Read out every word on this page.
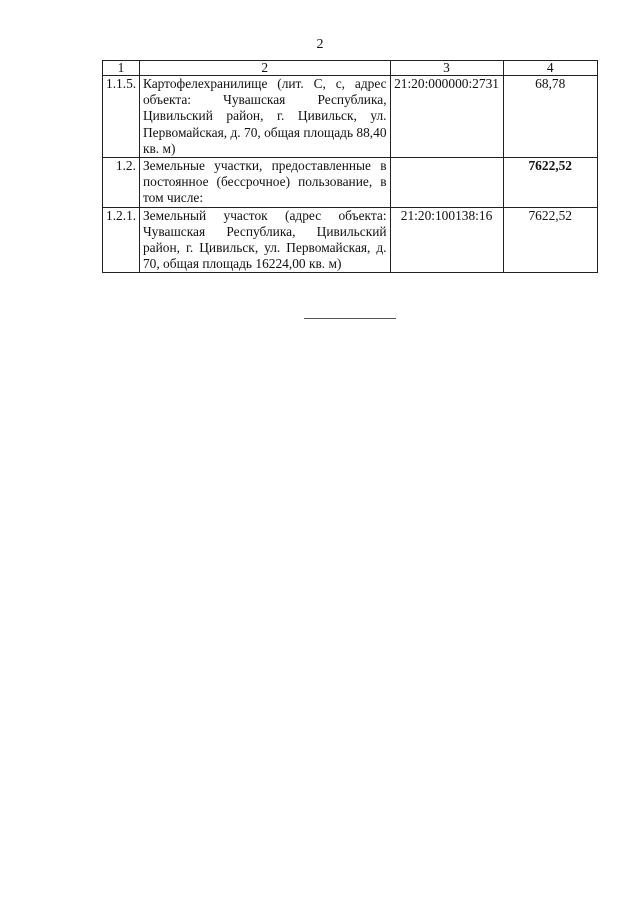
2
1	2	3	4
1.1.5.	Картофелехранилище (лит. С, с, адрес объекта: Чувашская Республика, Цивильский район, г. Цивильск, ул. Первомайская, д. 70, общая площадь 88,40 кв. м)	21:20:000000:2731	68,78
1.2.	Земельные участки, предоставленные в постоянное (бессрочное) пользование, в том числе:		7622,52
1.2.1.	Земельный участок (адрес объекта: Чувашская Республика, Цивильский район, г. Цивильск, ул. Первомайская, д. 70, общая площадь 16224,00 кв. м)	21:20:100138:16	7622,52
